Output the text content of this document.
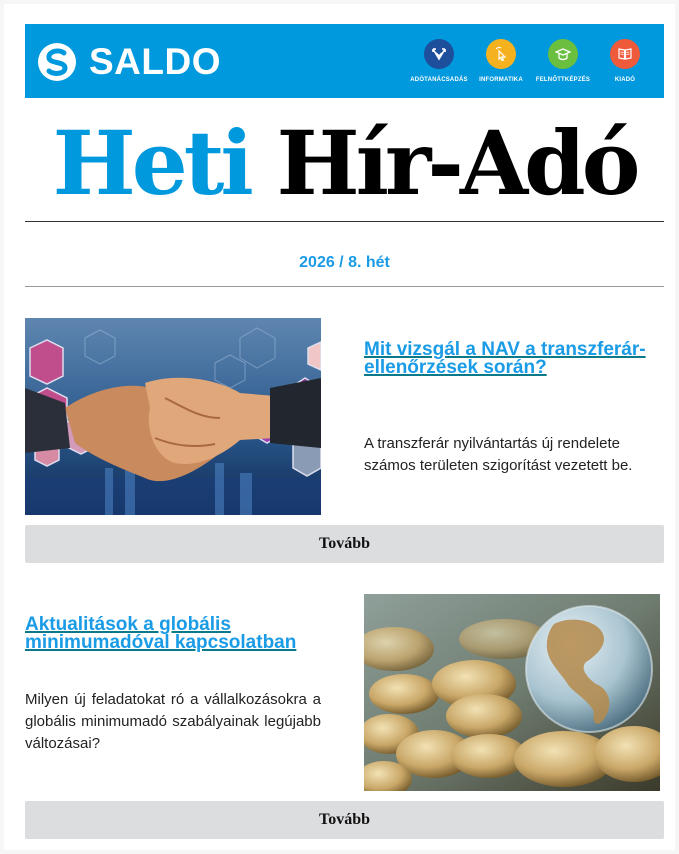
SALDO	ADÓTANÁCSADÁS INFORMATIKA FELNŐTTKÉPZÉS	KIADÓ
Heti Hír-Adó
2026 / 8. hét
Mit vizsgál a NAV a transzferár-ellenőrzések során?
A transzferár nyilvántartás új rendelete számos területen szigorítást vezetett be.
Tovább
Aktualitások a globális minimumadóval kapcsolatban
Milyen új feladatokat ró a vállalkozásokra a globális minimumadó szabályainak legújabb változásai?
Tovább
